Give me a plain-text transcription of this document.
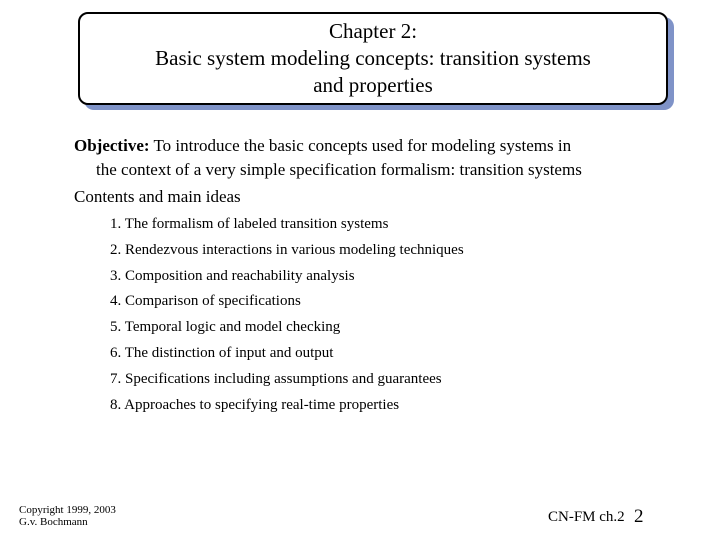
Chapter 2:
Basic system modeling concepts: transition systems
and properties
Objective: To introduce the basic concepts used for modeling systems in
the context of a very simple specification formalism: transition systems
Contents and main ideas
1. The formalism of labeled transition systems
2. Rendezvous interactions in various modeling techniques
3. Composition and reachability analysis
4. Comparison of specifications
5. Temporal logic and model checking
6. The distinction of input and output
7. Specifications including assumptions and guarantees
8. Approaches to specifying real-time properties
Copyright 1999, 2003
G.v. Bochmann	CN-FM ch.2 2
